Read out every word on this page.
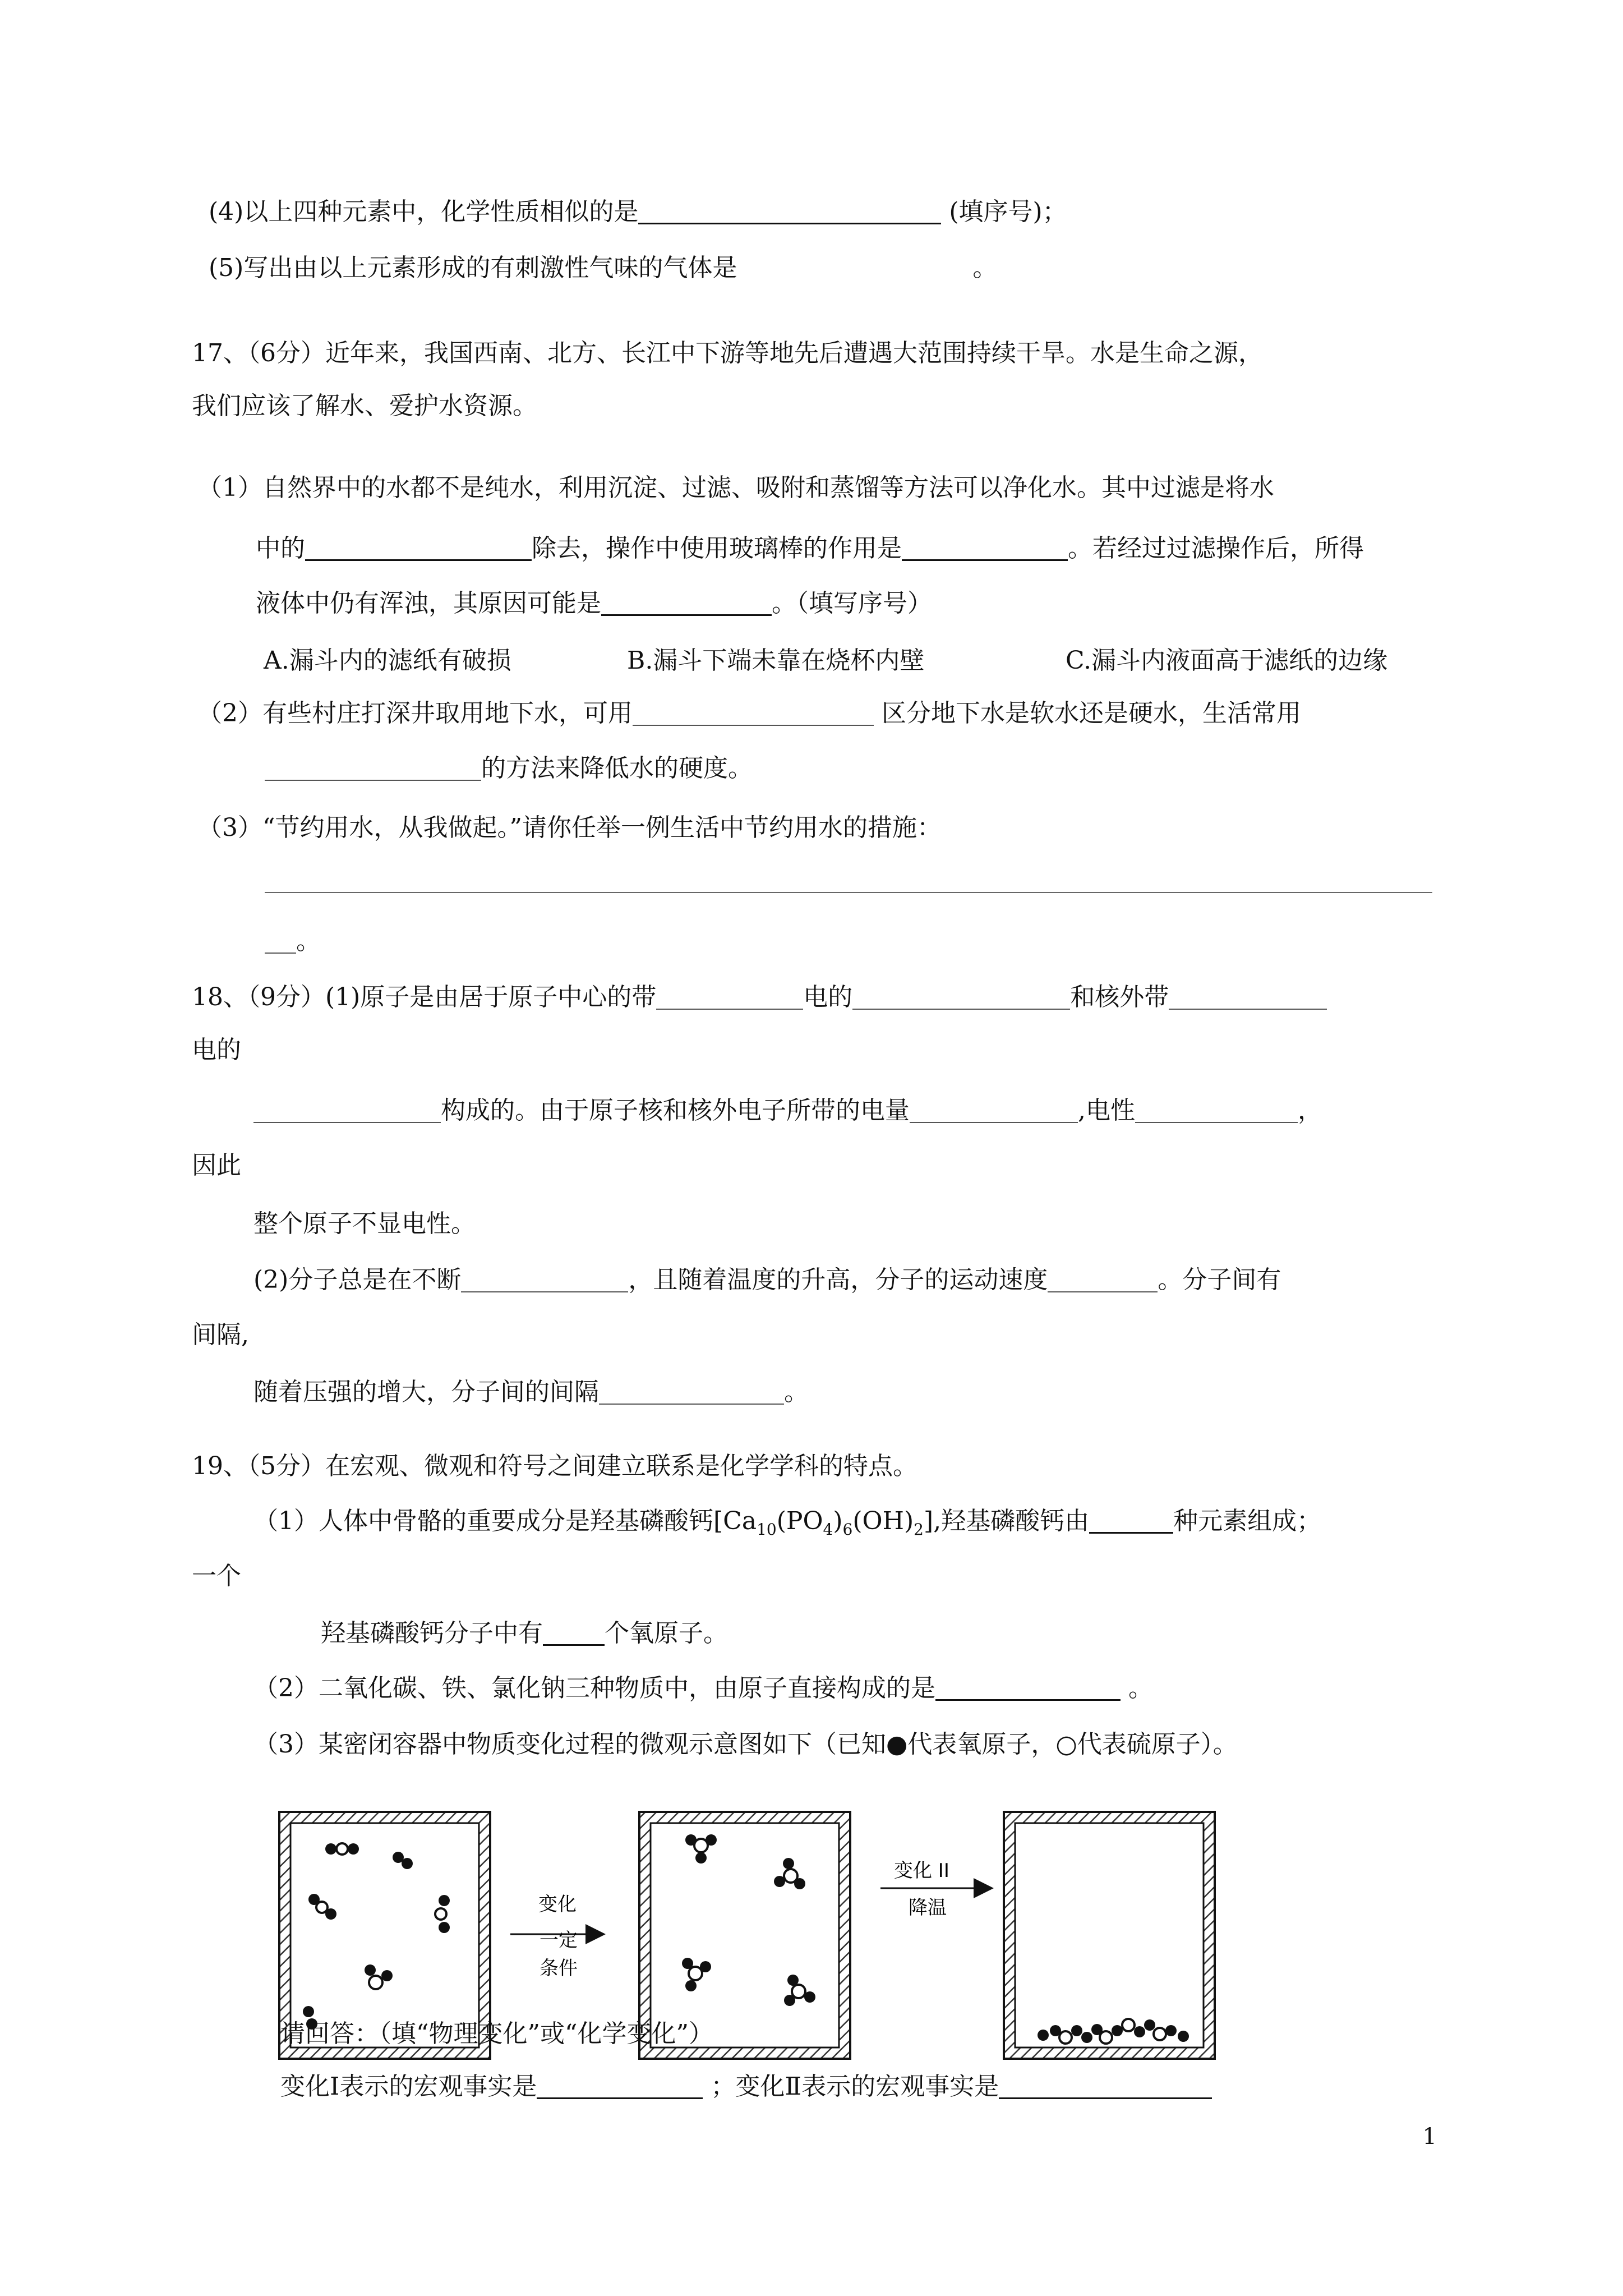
(4)以上四种元素中，化学性质相似的是	(填序号)；
(5)写出由以上元素形成的有刺激性气味的气体是	。
17、（6分）近年来，我国西南、北方、长江中下游等地先后遭遇大范围持续干旱。水是生命之源，
我们应该了解水、爱护水资源。
（1）自然界中的水都不是纯水，利用沉淀、过滤、吸附和蒸馏等方法可以净化水。其中过滤是将水
中的	除去，操作中使用玻璃棒的作用是	。若经过过滤操作后，所得
液体中仍有浑浊，其原因可能是	。（填写序号）
A.漏斗内的滤纸有破损	B.漏斗下端未靠在烧杯内壁	C.漏斗内液面高于滤纸的边缘
（2）有些村庄打深井取用地下水，可用	区分地下水是软水还是硬水，生活常用
的方法来降低水的硬度。
（3）“节约用水，从我做起。”请你任举一例生活中节约用水的措施：
。
18、（9分）(1)原子是由居于原子中心的带	电的	和核外带
电的
构成的。由于原子核和核外电子所带的电量	,电性	，
因此
整个原子不显电性。
(2)分子总是在不断	，且随着温度的升高，分子的运动速度	。分子间有
间隔,
随着压强的增大，分子间的间隔	。
19、（5分）在宏观、微观和符号之间建立联系是化学学科的特点。
（1）人体中骨骼的重要成分是羟基磷酸钙$[Ca_{10}(PO_4)_6(OH)_2]$,羟基磷酸钙由	种元素组成；
一个
羟基磷酸钙分子中有	个氧原子。
（2）二氧化碳、铁、氯化钠三种物质中，由原子直接构成的是	。
（3）某密闭容器中物质变化过程的微观示意图如下（已知●代表氧原子，○代表硫原子）。
变化
一定
条件
变化 II
降温
请回答：（填“物理变化”或“化学变化”）
变化Ⅰ表示的宏观事实是	；变化Ⅱ表示的宏观事实是
1
